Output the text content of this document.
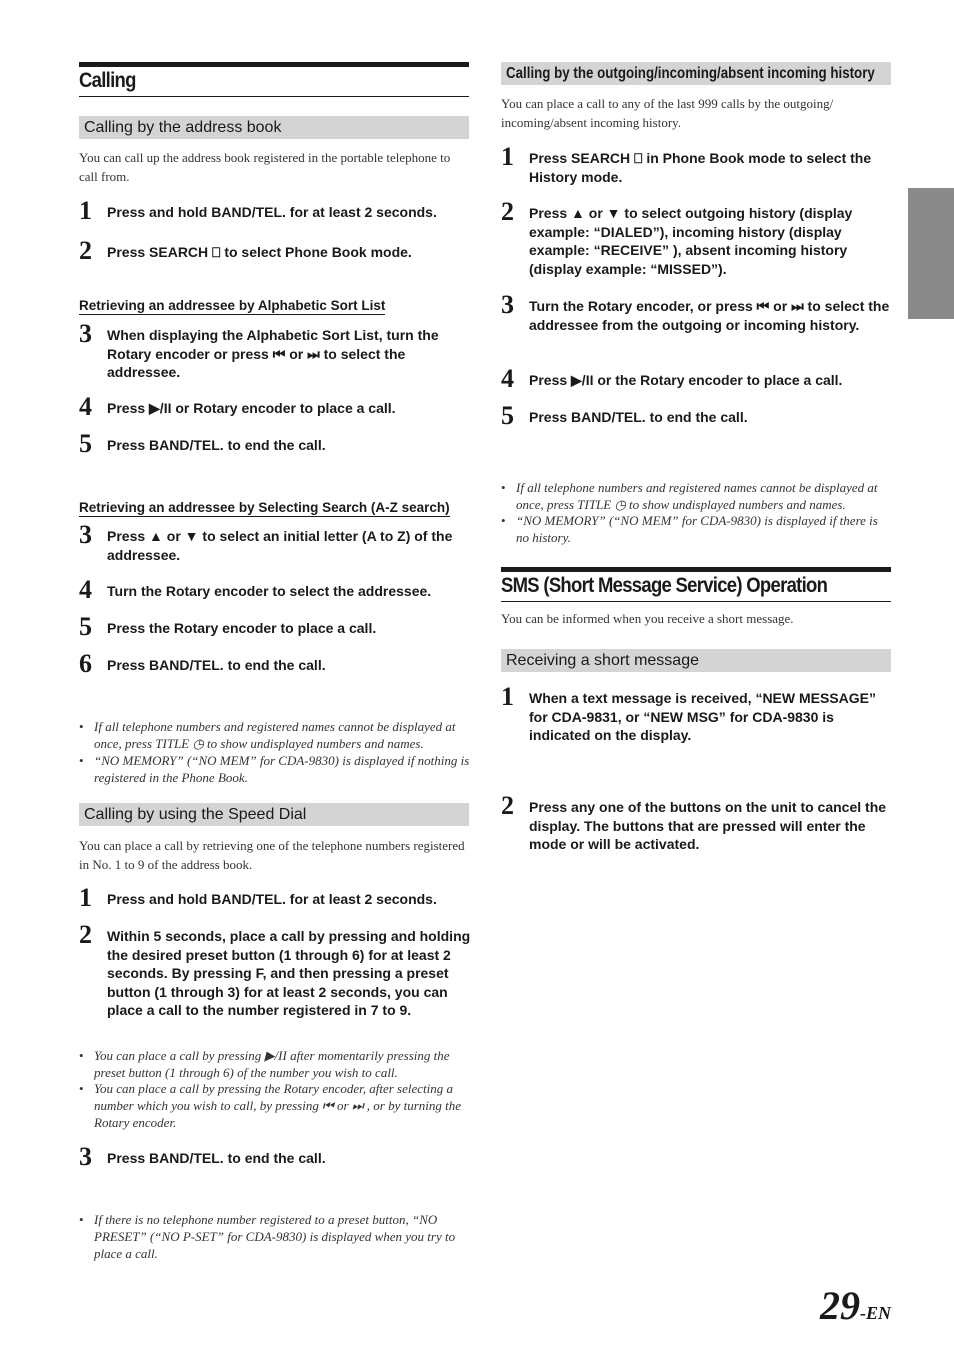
Calling
Calling by the address book
You can call up the address book registered in the portable telephone to call from.
1 Press and hold BAND/TEL. for at least 2 seconds.
2 Press SEARCH ⎕ to select Phone Book mode.
Retrieving an addressee by Alphabetic Sort List
3 When displaying the Alphabetic Sort List, turn the Rotary encoder or press ⏮ or ⏭ to select the addressee.
4 Press ▶/II or Rotary encoder to place a call.
5 Press BAND/TEL. to end the call.
Retrieving an addressee by Selecting Search (A-Z search)
3 Press ▲ or ▼ to select an initial letter (A to Z) of the addressee.
4 Turn the Rotary encoder to select the addressee.
5 Press the Rotary encoder to place a call.
6 Press BAND/TEL. to end the call.
• If all telephone numbers and registered names cannot be displayed at once, press TITLE ◷ to show undisplayed numbers and names.
• “NO MEMORY” (“NO MEM” for CDA-9830) is displayed if nothing is registered in the Phone Book.
Calling by using the Speed Dial
You can place a call by retrieving one of the telephone numbers registered in No. 1 to 9 of the address book.
1 Press and hold BAND/TEL. for at least 2 seconds.
2 Within 5 seconds, place a call by pressing and holding the desired preset button (1 through 6) for at least 2 seconds. By pressing F, and then pressing a preset button (1 through 3) for at least 2 seconds, you can place a call to the number registered in 7 to 9.
• You can place a call by pressing ▶/II after momentarily pressing the preset button (1 through 6) of the number you wish to call.
• You can place a call by pressing the Rotary encoder, after selecting a number which you wish to call, by pressing ⏮ or ⏭ , or by turning the Rotary encoder.
3 Press BAND/TEL. to end the call.
• If there is no telephone number registered to a preset button, “NO PRESET” (“NO P-SET” for CDA-9830) is displayed when you try to place a call.
Calling by the outgoing/incoming/absent incoming history
You can place a call to any of the last 999 calls by the outgoing/ incoming/absent incoming history.
1 Press SEARCH ⎕ in Phone Book mode to select the History mode.
2 Press ▲ or ▼ to select outgoing history (display example: “DIALED”), incoming history (display example: “RECEIVE” ), absent incoming history (display example: “MISSED”).
3 Turn the Rotary encoder, or press ⏮ or ⏭ to select the addressee from the outgoing or incoming history.
4 Press ▶/II or the Rotary encoder to place a call.
5 Press BAND/TEL. to end the call.
• If all telephone numbers and registered names cannot be displayed at once, press TITLE ◷ to show undisplayed numbers and names.
• “NO MEMORY” (“NO MEM” for CDA-9830) is displayed if there is no history.
SMS (Short Message Service) Operation
You can be informed when you receive a short message.
Receiving a short message
1 When a text message is received, “NEW MESSAGE” for CDA-9831, or “NEW MSG” for CDA-9830 is indicated on the display.
2 Press any one of the buttons on the unit to cancel the display. The buttons that are pressed will enter the mode or will be activated.
29-EN
